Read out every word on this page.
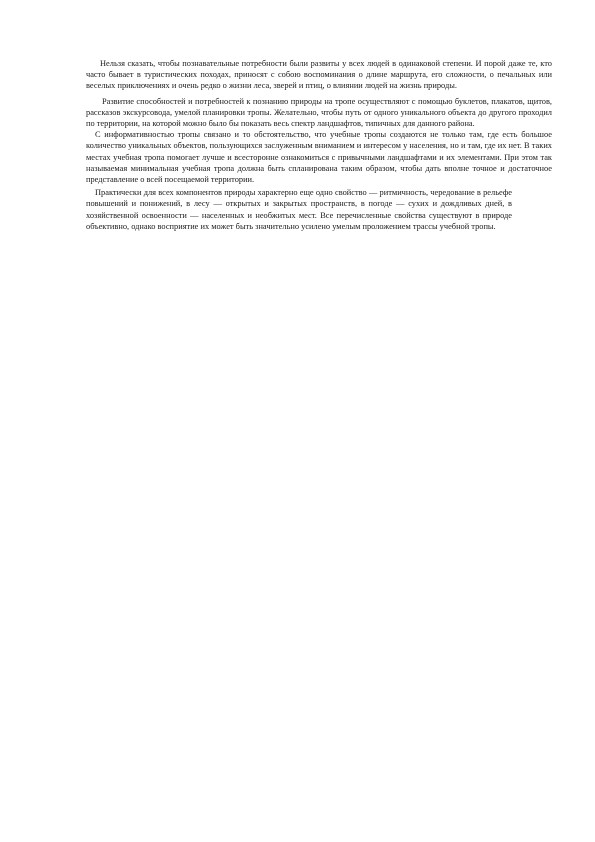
Нельзя сказать, чтобы познавательные потребности были развиты у всех людей в одинаковой степени. И порой даже те, кто часто бывает в туристических походах, приносят с собою воспоминания о длине маршрута, его сложности, о печальных или веселых приключениях и очень редко о жизни леса, зверей и птиц, о влиянии людей на жизнь природы.

Развитие способностей и потребностей к познанию природы на тропе осуществляют с помощью буклетов, плакатов, щитов, рассказов экскурсовода, умелой планировки тропы. Желательно, чтобы путь от одного уникального объекта до другого проходил по территории, на которой можно было бы показать весь спектр ландшафтов, типичных для данного района.

С информативностью тропы связано и то обстоятельство, что учебные тропы создаются не только там, где есть большое количество уникальных объектов, пользующихся заслуженным вниманием и интересом у населения, но и там, где их нет. В таких местах учебная тропа помогает лучше и всесторонне ознакомиться с привычными ландшафтами и их элементами. При этом так называемая минимальная учебная тропа должна быть спланирована таким образом, чтобы дать вполне точное и достаточное представление о всей посещаемой территории.

Практически для всех компонентов природы характерно еще одно свойство — ритмичность, чередование в рельефе повышений и понижений, в лесу — открытых и закрытых пространств, в погоде — сухих и дождливых дней, в хозяйственной освоенности — населенных и необжитых мест. Все перечисленные свойства существуют в природе объективно, однако восприятие их может быть значительно усилено умелым проложением трассы учебной тропы.
